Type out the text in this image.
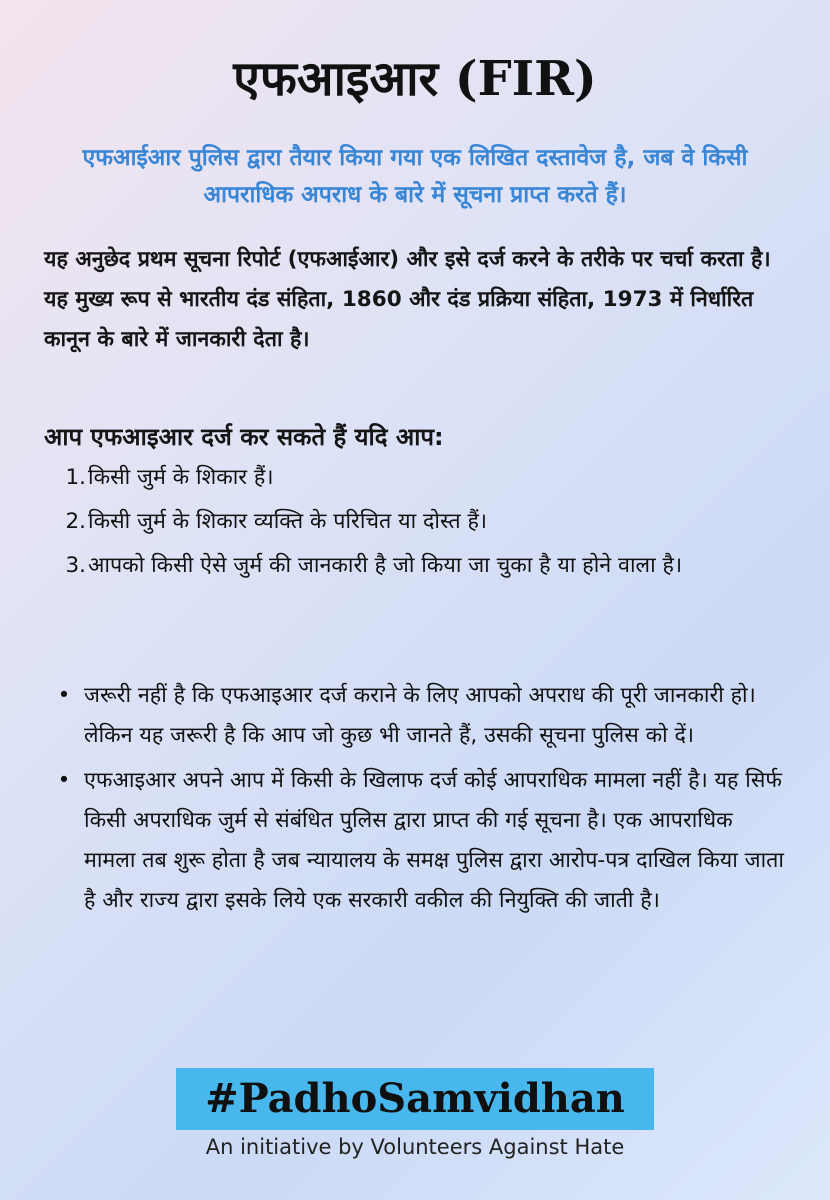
एफआइआर (FIR)

एफआईआर पुलिस द्वारा तैयार किया गया एक लिखित दस्तावेज है, जब वे किसी आपराधिक अपराध के बारे में सूचना प्राप्त करते हैं।

यह अनुछेद प्रथम सूचना रिपोर्ट (एफआईआर) और इसे दर्ज करने के तरीके पर चर्चा करता है। यह मुख्य रूप से भारतीय दंड संहिता, 1860 और दंड प्रक्रिया संहिता, 1973 में निर्धारित कानून के बारे में जानकारी देता है।

आप एफआइआर दर्ज कर सकते हैं यदि आप:
1. किसी जुर्म के शिकार हैं।
2. किसी जुर्म के शिकार व्यक्ति के परिचित या दोस्त हैं।
3. आपको किसी ऐसे जुर्म की जानकारी है जो किया जा चुका है या होने वाला है।
• जरूरी नहीं है कि एफआइआर दर्ज कराने के लिए आपको अपराध की पूरी जानकारी हो। लेकिन यह जरूरी है कि आप जो कुछ भी जानते हैं, उसकी सूचना पुलिस को दें।
• एफआइआर अपने आप में किसी के खिलाफ दर्ज कोई आपराधिक मामला नहीं है। यह सिर्फ किसी अपराधिक जुर्म से संबंधित पुलिस द्वारा प्राप्त की गई सूचना है। एक आपराधिक मामला तब शुरू होता है जब न्यायालय के समक्ष पुलिस द्वारा आरोप-पत्र दाखिल किया जाता है और राज्य द्वारा इसके लिये एक सरकारी वकील की नियुक्ति की जाती है।

#PadhoSamvidhan

An initiative by Volunteers Against Hate
